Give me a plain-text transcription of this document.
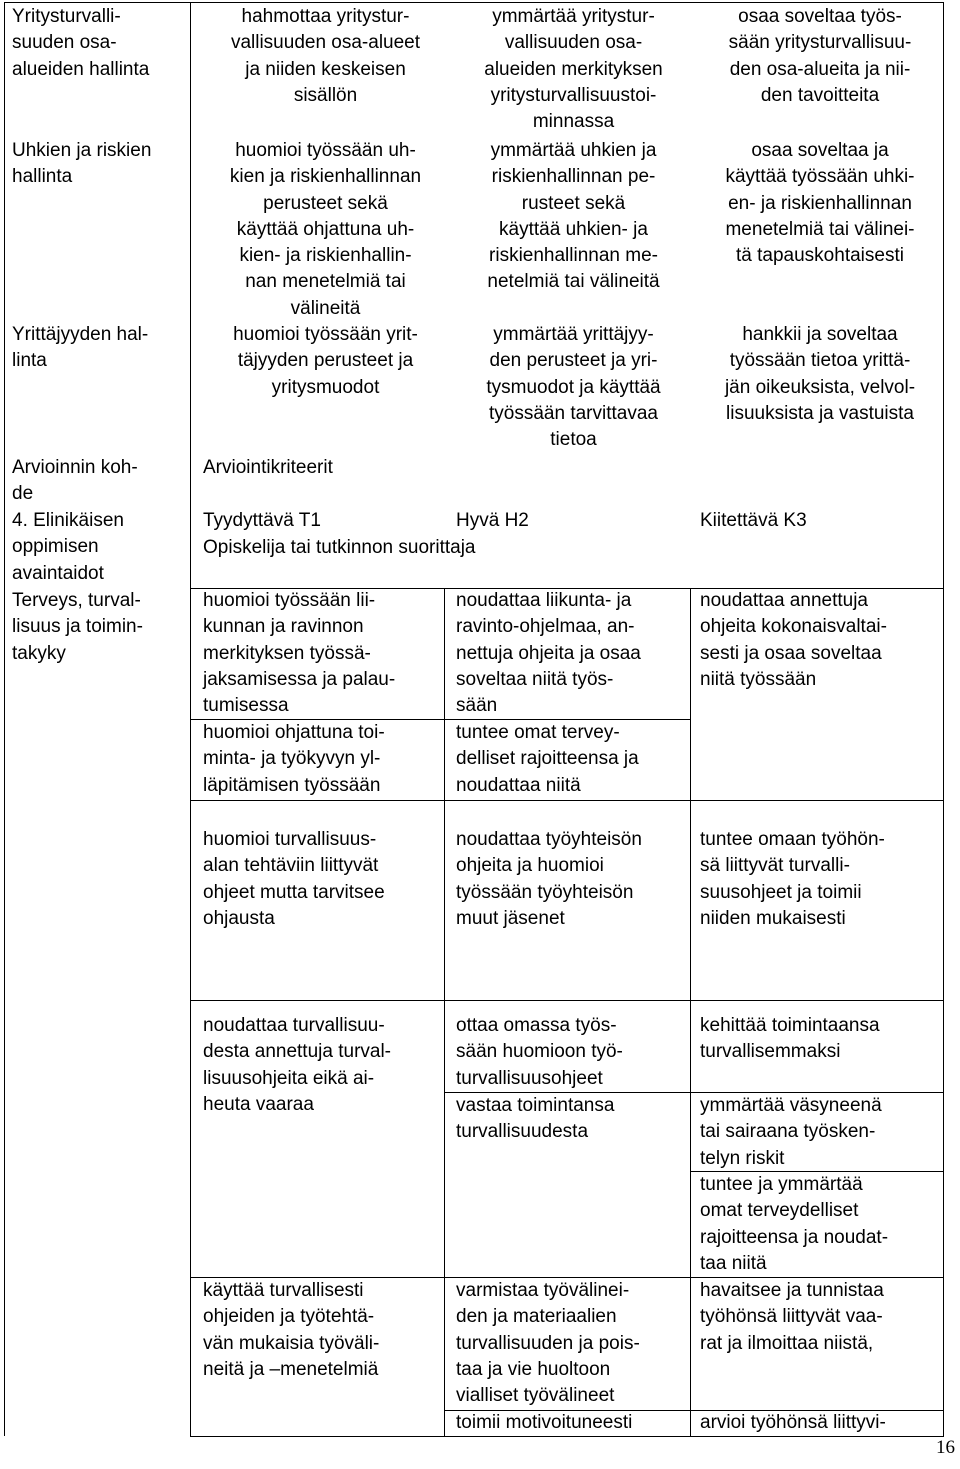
Yritysturvalli-
suuden osa-
alueiden hallinta
hahmottaa yritystur-
vallisuuden osa-alueet
ja niiden keskeisen
sisällön
ymmärtää yritystur-
vallisuuden osa-
alueiden merkityksen
yritysturvallisuustoi-
minnassa
osaa soveltaa työs-
sään yritysturvallisuu-
den osa-alueita ja nii-
den tavoitteita
Uhkien ja riskien
hallinta
huomioi työssään uh-
kien ja riskienhallinnan
perusteet sekä
käyttää ohjattuna uh-
kien- ja riskienhallin-
nan menetelmiä tai
välineitä
ymmärtää uhkien ja
riskienhallinnan pe-
rusteet sekä
käyttää uhkien- ja
riskienhallinnan me-
netelmiä tai välineitä
osaa soveltaa ja
käyttää työssään uhki-
en- ja riskienhallinnan
menetelmiä tai välinei-
tä tapauskohtaisesti
Yrittäjyyden hal-
linta
huomioi työssään yrit-
täjyyden perusteet ja
yritysmuodot
ymmärtää yrittäjyy-
den perusteet ja yri-
tysmuodot ja käyttää
työssään tarvittavaa
tietoa
hankkii ja soveltaa
työssään tietoa yrittä-
jän oikeuksista, velvol-
lisuuksista ja vastuista
Arvioinnin koh-
de
Arviointikriteerit
4. Elinikäisen
oppimisen
avaintaidot
Tyydyttävä T1	Hyvä H2	Kiitettävä K3
Opiskelija tai tutkinnon suorittaja
Terveys, turval-
lisuus ja toimin-
takyky
huomioi työssään lii-
kunnan ja ravinnon
merkityksen työssä-
jaksamisessa ja palau-
tumisessa
noudattaa liikunta- ja
ravinto-ohjelmaa, an-
nettuja ohjeita ja osaa
soveltaa niitä työs-
sään
noudattaa annettuja
ohjeita kokonaisvaltai-
sesti ja osaa soveltaa
niitä työssään
huomioi ohjattuna toi-
minta- ja työkyvyn yl-
läpitämisen työssään
tuntee omat tervey-
delliset rajoitteensa ja
noudattaa niitä
huomioi turvallisuus-
alan tehtäviin liittyvät
ohjeet mutta tarvitsee
ohjausta
noudattaa työyhteisön
ohjeita ja huomioi
työssään työyhteisön
muut jäsenet
tuntee omaan työhön-
sä liittyvät turvalli-
suusohjeet ja toimii
niiden mukaisesti
noudattaa turvallisuu-
desta annettuja turval-
lisuusohjeita eikä ai-
heuta vaaraa
ottaa omassa työs-
sään huomioon työ-
turvallisuusohjeet
vastaa toimintansa
turvallisuudesta
kehittää toimintaansa
turvallisemmaksi
ymmärtää väsyneenä
tai sairaana työsken-
telyn riskit
tuntee ja ymmärtää
omat terveydelliset
rajoitteensa ja noudat-
taa niitä
käyttää turvallisesti
ohjeiden ja työtehtä-
vän mukaisia työväli-
neitä ja –menetelmiä
varmistaa työvälinei-
den ja materiaalien
turvallisuuden ja pois-
taa ja vie huoltoon
vialliset työvälineet
toimii motivoituneesti
havaitsee ja tunnistaa
työhönsä liittyvät vaa-
rat ja ilmoittaa niistä,
arvioi työhönsä liittyvi-
16
